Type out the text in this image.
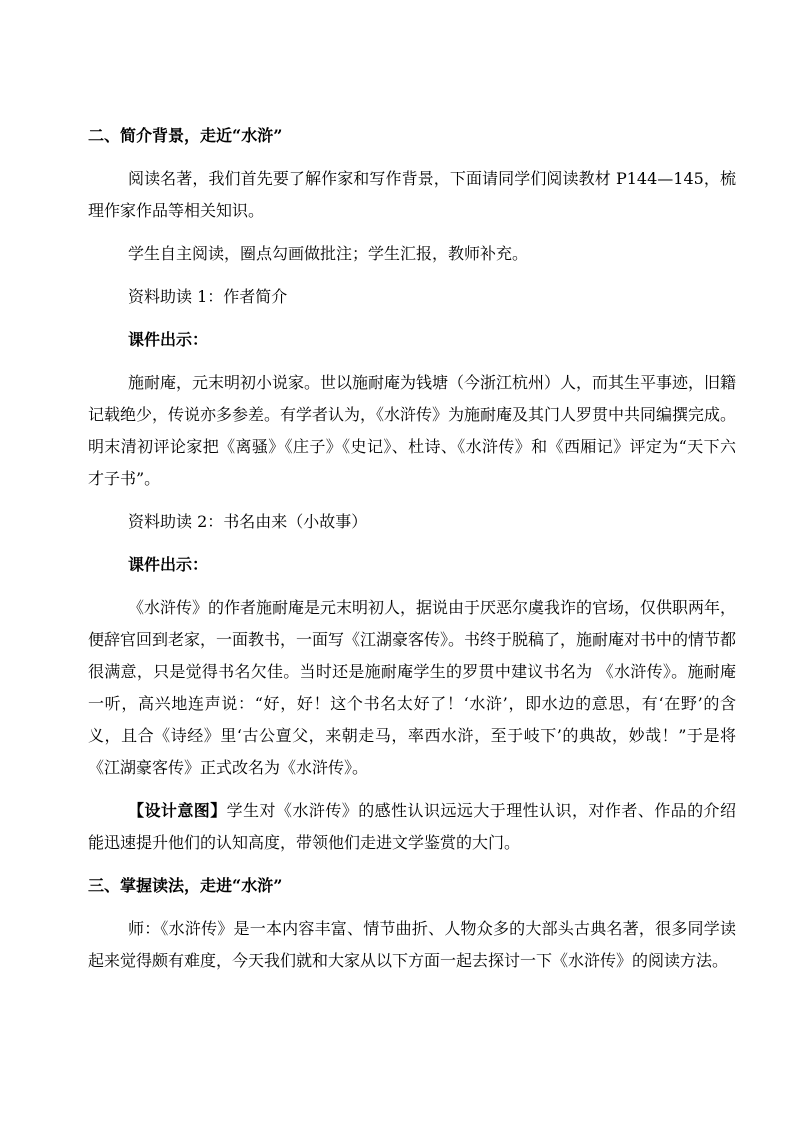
二、简介背景，走近“水浒”

阅读名著，我们首先要了解作家和写作背景，下面请同学们阅读教材 P144—145，梳理作家作品等相关知识。

学生自主阅读，圈点勾画做批注；学生汇报，教师补充。

资料助读 1：作者简介

课件出示：

施耐庵，元末明初小说家。世以施耐庵为钱塘（今浙江杭州）人，而其生平事迹，旧籍记载绝少，传说亦多参差。有学者认为，《水浒传》为施耐庵及其门人罗贯中共同编撰完成。明末清初评论家把《离骚》《庄子》《史记》、杜诗、《水浒传》和《西厢记》评定为“天下六才子书”。

资料助读 2：书名由来（小故事）

课件出示：

《水浒传》的作者施耐庵是元末明初人，据说由于厌恶尔虞我诈的官场，仅供职两年，便辞官回到老家，一面教书，一面写《江湖豪客传》。书终于脱稿了，施耐庵对书中的情节都很满意，只是觉得书名欠佳。当时还是施耐庵学生的罗贯中建议书名为 《水浒传》。施耐庵一听，高兴地连声说：“好，好！这个书名太好了！‘水浒’，即水边的意思，有‘在野’的含义，且合《诗经》里‘古公亶父，来朝走马，率西水浒，至于岐下’的典故，妙哉！”于是将《江湖豪客传》正式改名为《水浒传》。

【设计意图】学生对《水浒传》的感性认识远远大于理性认识，对作者、作品的介绍能迅速提升他们的认知高度，带领他们走进文学鉴赏的大门。

三、掌握读法，走进“水浒”

师：《水浒传》是一本内容丰富、情节曲折、人物众多的大部头古典名著，很多同学读起来觉得颇有难度，今天我们就和大家从以下方面一起去探讨一下《水浒传》的阅读方法。
